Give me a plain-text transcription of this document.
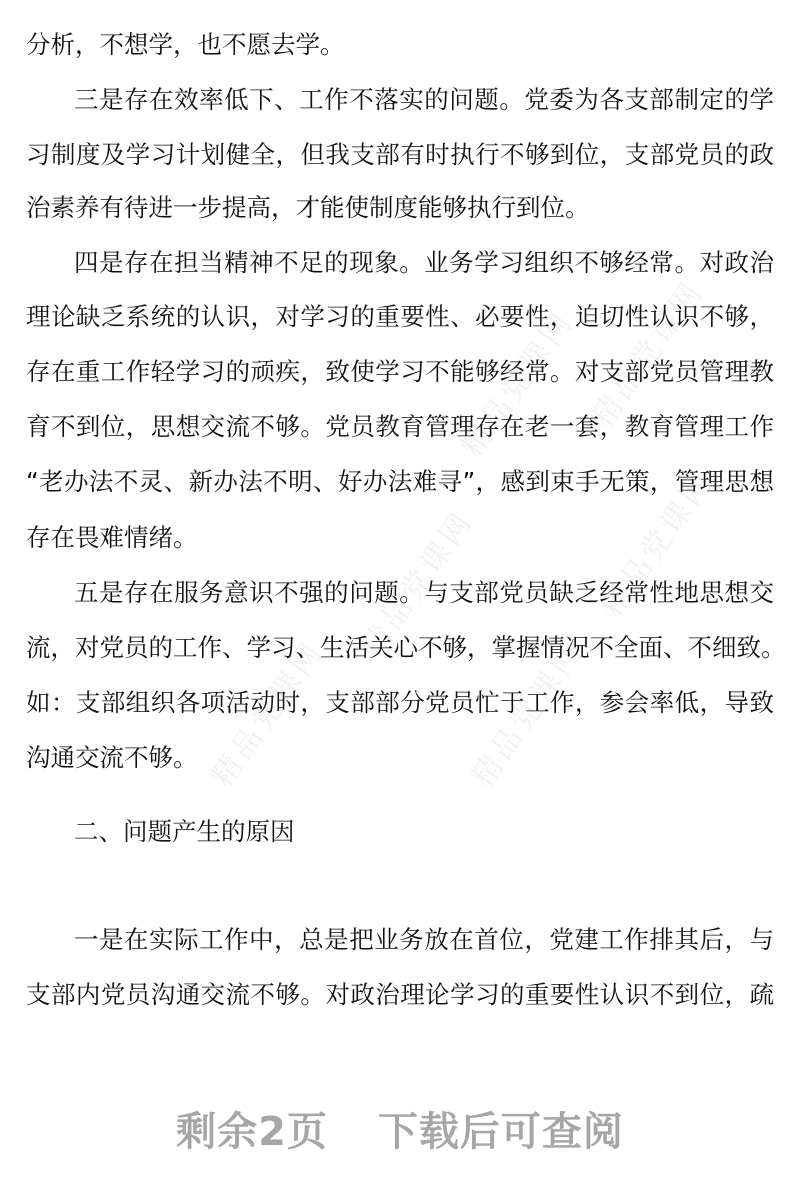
精品党课网
精品党课网
精品党课网
精品党课网	精品党课网
精品党课网
分析，不想学，也不愿去学。
三是存在效率低下、工作不落实的问题。党委为各支部制定的学
习制度及学习计划健全，但我支部有时执行不够到位，支部党员的政
治素养有待进一步提高，才能使制度能够执行到位。
四是存在担当精神不足的现象。业务学习组织不够经常。对政治
理论缺乏系统的认识，对学习的重要性、必要性，迫切性认识不够，
存在重工作轻学习的顽疾，致使学习不能够经常。对支部党员管理教
育不到位，思想交流不够。党员教育管理存在老一套，教育管理工作
“老办法不灵、新办法不明、好办法难寻”，感到束手无策，管理思想
存在畏难情绪。
五是存在服务意识不强的问题。与支部党员缺乏经常性地思想交
流，对党员的工作、学习、生活关心不够，掌握情况不全面、不细致。
如：支部组织各项活动时，支部部分党员忙于工作，参会率低，导致
沟通交流不够。
二、问题产生的原因
一是在实际工作中，总是把业务放在首位，党建工作排其后，与
支部内党员沟通交流不够。对政治理论学习的重要性认识不到位，疏
剩余2页 下载后可查阅
